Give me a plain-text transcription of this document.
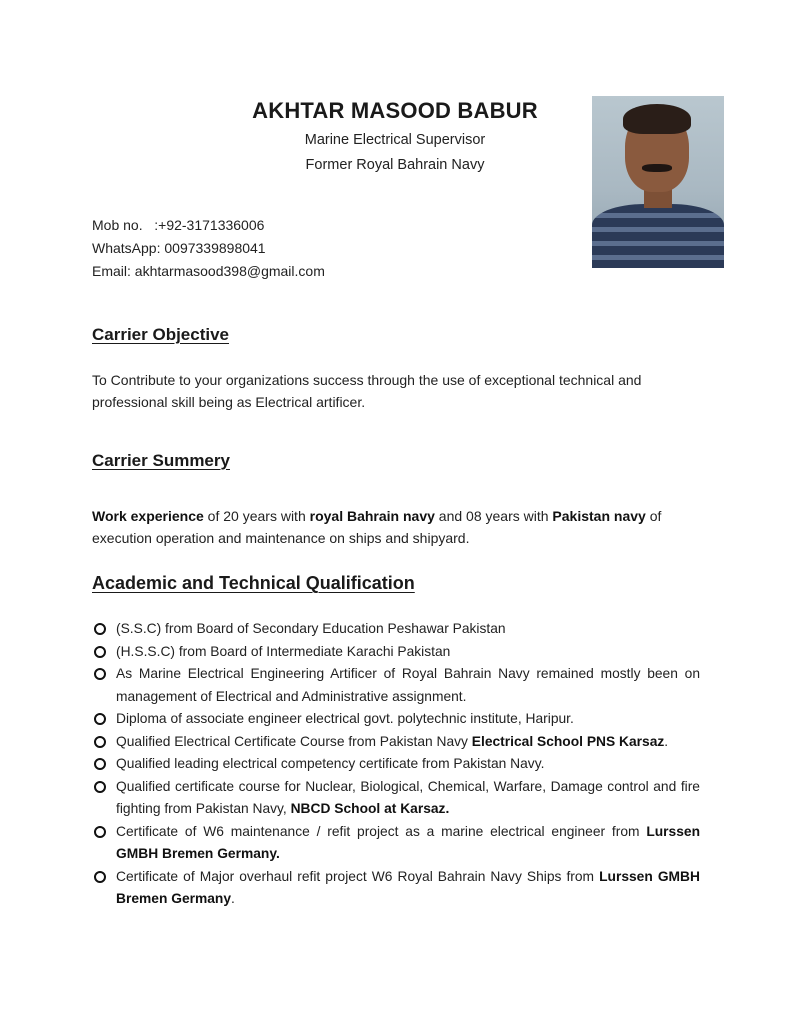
AKHTAR MASOOD BABUR
Marine Electrical Supervisor
Former Royal Bahrain Navy
Mob no.   :+92-3171336006
WhatsApp: 0097339898041
Email: akhtarmasood398@gmail.com
Carrier Objective
To Contribute to your organizations success through the use of exceptional technical and professional skill being as Electrical artificer.
Carrier Summery
Work experience of 20 years with royal Bahrain navy and 08 years with Pakistan navy of execution operation and maintenance on ships and shipyard.
Academic and Technical Qualification
(S.S.C) from Board of Secondary Education Peshawar Pakistan
(H.S.S.C) from Board of Intermediate Karachi Pakistan
As Marine Electrical Engineering Artificer of Royal Bahrain Navy remained mostly been on management of Electrical and Administrative assignment.
Diploma of associate engineer electrical govt. polytechnic institute, Haripur.
Qualified Electrical Certificate Course from Pakistan Navy Electrical School PNS Karsaz.
Qualified leading electrical competency certificate from Pakistan Navy.
Qualified certificate course for Nuclear, Biological, Chemical, Warfare, Damage control and fire fighting from Pakistan Navy, NBCD School at Karsaz.
Certificate of W6 maintenance / refit project as a marine electrical engineer from Lurssen GMBH Bremen Germany.
Certificate of Major overhaul refit project W6 Royal Bahrain Navy Ships from Lurssen GMBH Bremen Germany.
